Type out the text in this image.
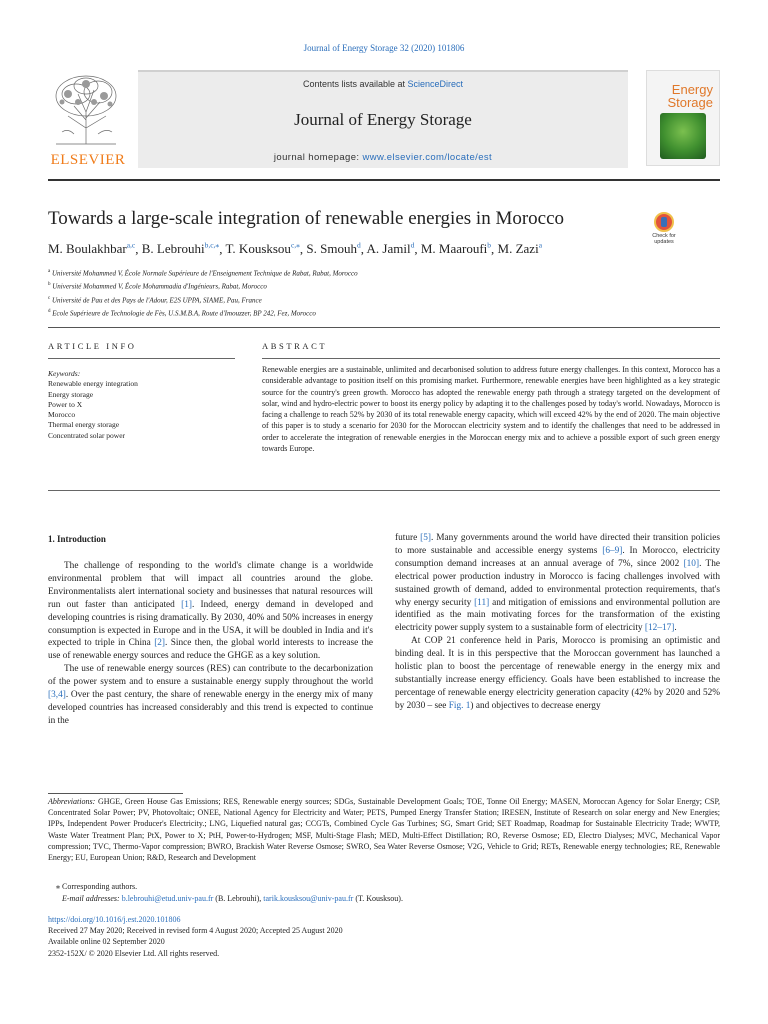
Journal of Energy Storage 32 (2020) 101806
ELSEVIER
Contents lists available at ScienceDirect
Journal of Energy Storage
journal homepage: www.elsevier.com/locate/est
Energy
Storage
Towards a large-scale integration of renewable energies in Morocco
Check for updates
M. Boulakhbar$^{a,c}$, B. Lebrouhi$^{b,c,⁎}$, T. Kousksou$^{c,⁎}$, S. Smouh$^d$, A. Jamil$^d$, M. Maaroufi$^b$, M. Zazi$^a$
$^a$ Université Mohammed V, École Normale Supérieure de l'Enseignement Technique de Rabat, Rabat, Morocco
$^b$ Université Mohammed V, École Mohammadia d'Ingénieurs, Rabat, Morocco
$^c$ Université de Pau et des Pays de l'Adour, E2S UPPA, SIAME, Pau, France
$^d$ Ecole Supérieure de Technologie de Fès, U.S.M.B.A, Route d'Imouzzer, BP 242, Fez, Morocco
ARTICLE INFO	ABSTRACT
Keywords:
Renewable energy integration
Energy storage
Power to X
Morocco
Thermal energy storage
Concentrated solar power
Renewable energies are a sustainable, unlimited and decarbonised solution to address future energy challenges. In this context, Morocco has a considerable advantage to position itself on this promising market. Furthermore, renewable energies have been highlighted as a key strategic source for the country's green growth. Morocco has adopted the renewable energy path through a strategy targeted on the development of solar, wind and hydro-electric power to boost its energy policy by adapting it to the challenges posed by today's world. Nowadays, Morocco is facing a challenge to reach 52% by 2030 of its total renewable energy capacity, which will exceed 42% by the end of 2020. The main objective of this paper is to study a scenario for 2030 for the Moroccan electricity system and to identify the challenges that need to be addressed in order to accelerate the integration of renewable energies in the Moroccan energy mix and to achieve a possible export of such green energy towards Europe.
1. Introduction

The challenge of responding to the world's climate change is a worldwide environmental problem that will impact all countries around the globe. Environmentalists alert international society and businesses that natural resources will run out faster than anticipated [1]. Indeed, energy demand in developed and developing countries is rising dramatically. By 2030, 40% and 50% increases in energy consumption is expected in Europe and in the USA, it will be doubled in India and it's expected to triple in China [2]. Since then, the global world interests to increase the use of renewable energy sources and reduce the GHGE as a key solution.

The use of renewable energy sources (RES) can contribute to the decarbonization of the power system and to ensure a sustainable energy supply throughout the world [3,4]. Over the past century, the share of renewable energy in the energy mix of many developed countries has increased considerably and this trend is expected to continue in the

future [5]. Many governments around the world have directed their transition policies to more sustainable and accessible energy systems [6–9]. In Morocco, electricity consumption demand increases at an annual average of 7%, since 2002 [10]. The electrical power production industry in Morocco is facing challenges involved with sustained growth of demand, added to environmental protection requirements, that's why energy security [11] and mitigation of emissions and environmental pollution are identified as the main motivating forces for the transformation of the existing electricity power supply system to a sustainable form of electricity [12–17].

At COP 21 conference held in Paris, Morocco is promising an optimistic and binding deal. It is in this perspective that the Moroccan government has launched a holistic plan to boost the percentage of renewable energy in the energy mix and substantially increase energy efficiency. Goals have been established to increase the percentage of renewable energy electricity generation capacity (42% by 2020 and 52% by 2030 – see Fig. 1) and objectives to decrease energy

Abbreviations: GHGE, Green House Gas Emissions; RES, Renewable energy sources; SDGs, Sustainable Development Goals; TOE, Tonne Oil Energy; MASEN, Moroccan Agency for Solar Energy; CSP, Concentrated Solar Power; PV, Photovoltaic; ONEE, National Agency for Electricity and Water; PETS, Pumped Energy Transfer Station; IRESEN, Institute of Research on solar energy and New Energies; IPPs, Independent Power Producer's Electricity.; LNG, Liquefied natural gas; CCGTs, Combined Cycle Gas Turbines; SG, Smart Grid; SET Roadmap, Roadmap for Sustainable Electricity Trade; WWTP, Waste Water Treatment Plan; PtX, Power to X; PtH, Power-to-Hydrogen; MSF, Multi-Stage Flash; MED, Multi-Effect Distillation; RO, Reverse Osmose; ED, Electro Dialyses; MVC, Mechanical Vapor compression; TVC, Thermo-Vapor compression; BWRO, Brackish Water Reverse Osmose; SWRO, Sea Water Reverse Osmose; V2G, Vehicle to Grid; RETs, Renewable energy technologies; RE, Renewable Energy; EU, European Union; R&D, Research and Development
⁎ Corresponding authors.
E-mail addresses: b.lebrouhi@etud.univ-pau.fr (B. Lebrouhi), tarik.kousksou@univ-pau.fr (T. Kousksou).
https://doi.org/10.1016/j.est.2020.101806
Received 27 May 2020; Received in revised form 4 August 2020; Accepted 25 August 2020
Available online 02 September 2020
2352-152X/ © 2020 Elsevier Ltd. All rights reserved.
